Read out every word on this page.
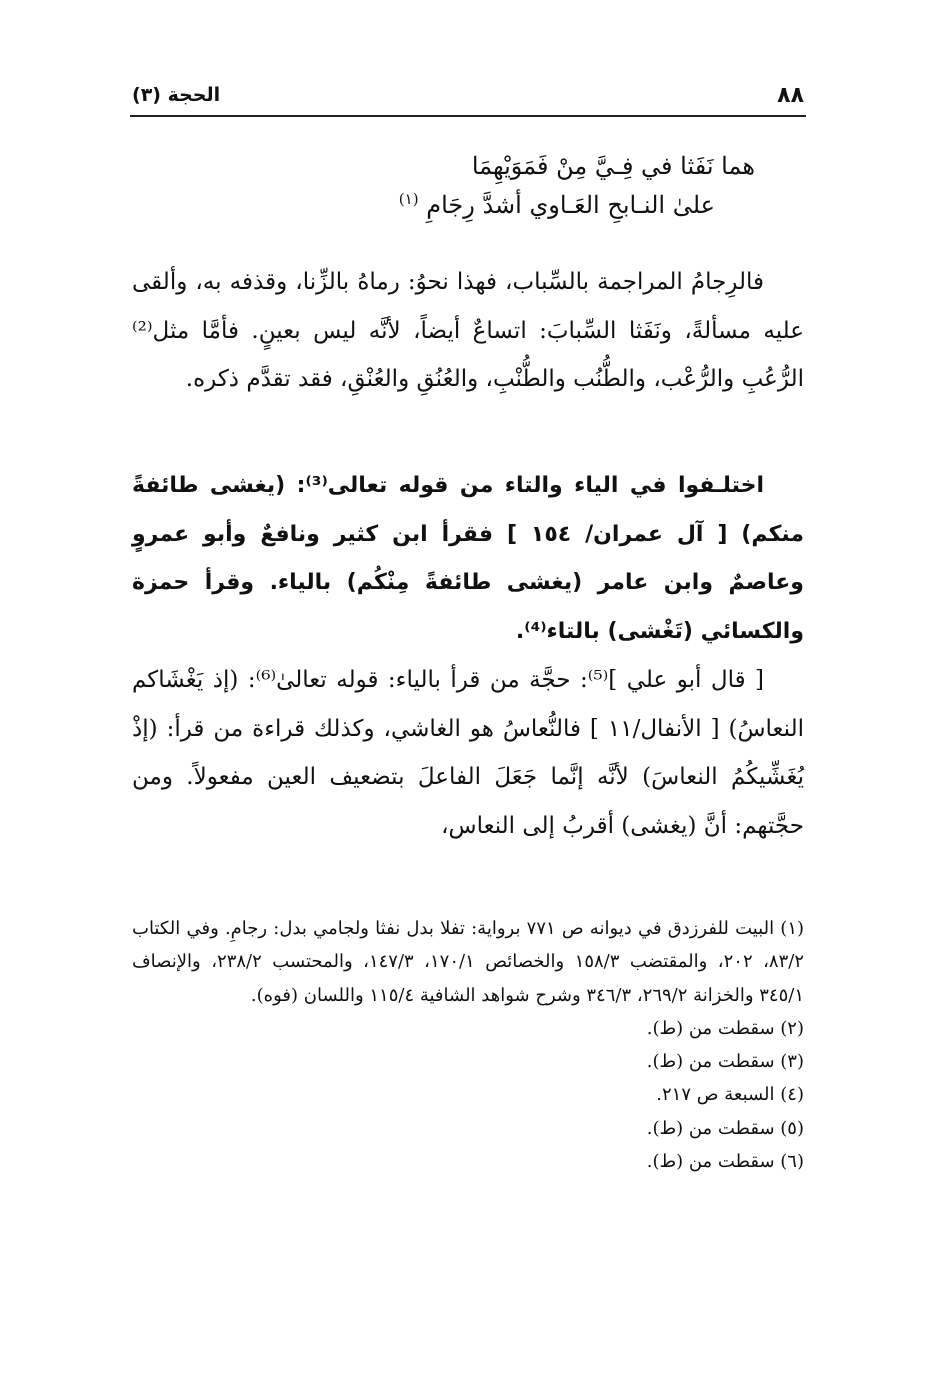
٨٨
الحجة (٣)
هما نَفَثا في فِـيَّ مِنْ فَمَوَيْهِمَا
علىٰ النـابحِ العَـاوي أشدَّ رِجَامِ $^{(١)}$

فالرِجامُ المراجمة بالسِّباب، فهذا نحوُ: رماهُ بالزِّنا، وقذفه به، وألقى عليه مسألةً، ونَفَثا السِّبابَ: اتساعٌ أيضاً، لأنَّه ليس بعينٍ. فأمَّا مثل⁽²⁾ الرُّعُبِ والرُّعْب، والطُّنُب والطُّنْبِ، والعُنُقِ والعُنْقِ، فقد تقدَّم ذكره.

اختلـفوا في الياء والتاء من قوله تعالى⁽³⁾: (يغشى طائفةً منكم) [ آل عمران/ ١٥٤ ] فقرأ ابن كثير ونافعٌ وأبو عمروٍ وعاصمٌ وابن عامر (يغشى طائفةً مِنْكُم) بالياء. وقرأ حمزة والكسائي (تَغْشى) بالتاء⁽⁴⁾.

[ قال أبو علي ]⁽⁵⁾: حجَّة من قرأ بالياء: قوله تعالىٰ⁽⁶⁾: (إذ يَغْشَاكم النعاسُ) [ الأنفال/١١ ] فالنُّعاسُ هو الغاشي، وكذلك قراءة من قرأ: (إذْ يُغَشِّيكُمُ النعاسَ) لأنَّه إنَّما جَعَلَ الفاعلَ بتضعيف العين مفعولاً. ومن حجَّتهم: أنَّ (يغشى) أقربُ إلى النعاس،

(١) البيت للفرزدق في ديوانه ص ٧٧١ برواية: تفلا بدل نفثا ولجامي بدل: رجامِ. وفي الكتاب ٨٣/٢، ٢٠٢، والمقتضب ١٥٨/٣ والخصائص ١٧٠/١، ١٤٧/٣، والمحتسب ٢٣٨/٢، والإنصاف ٣٤٥/١ والخزانة ٢٦٩/٢، ٣٤٦/٣ وشرح شواهد الشافية ١١٥/٤ واللسان (فوه).

(٢) سقطت من (ط).

(٣) سقطت من (ط).

(٤) السبعة ص ٢١٧.

(٥) سقطت من (ط).

(٦) سقطت من (ط).
